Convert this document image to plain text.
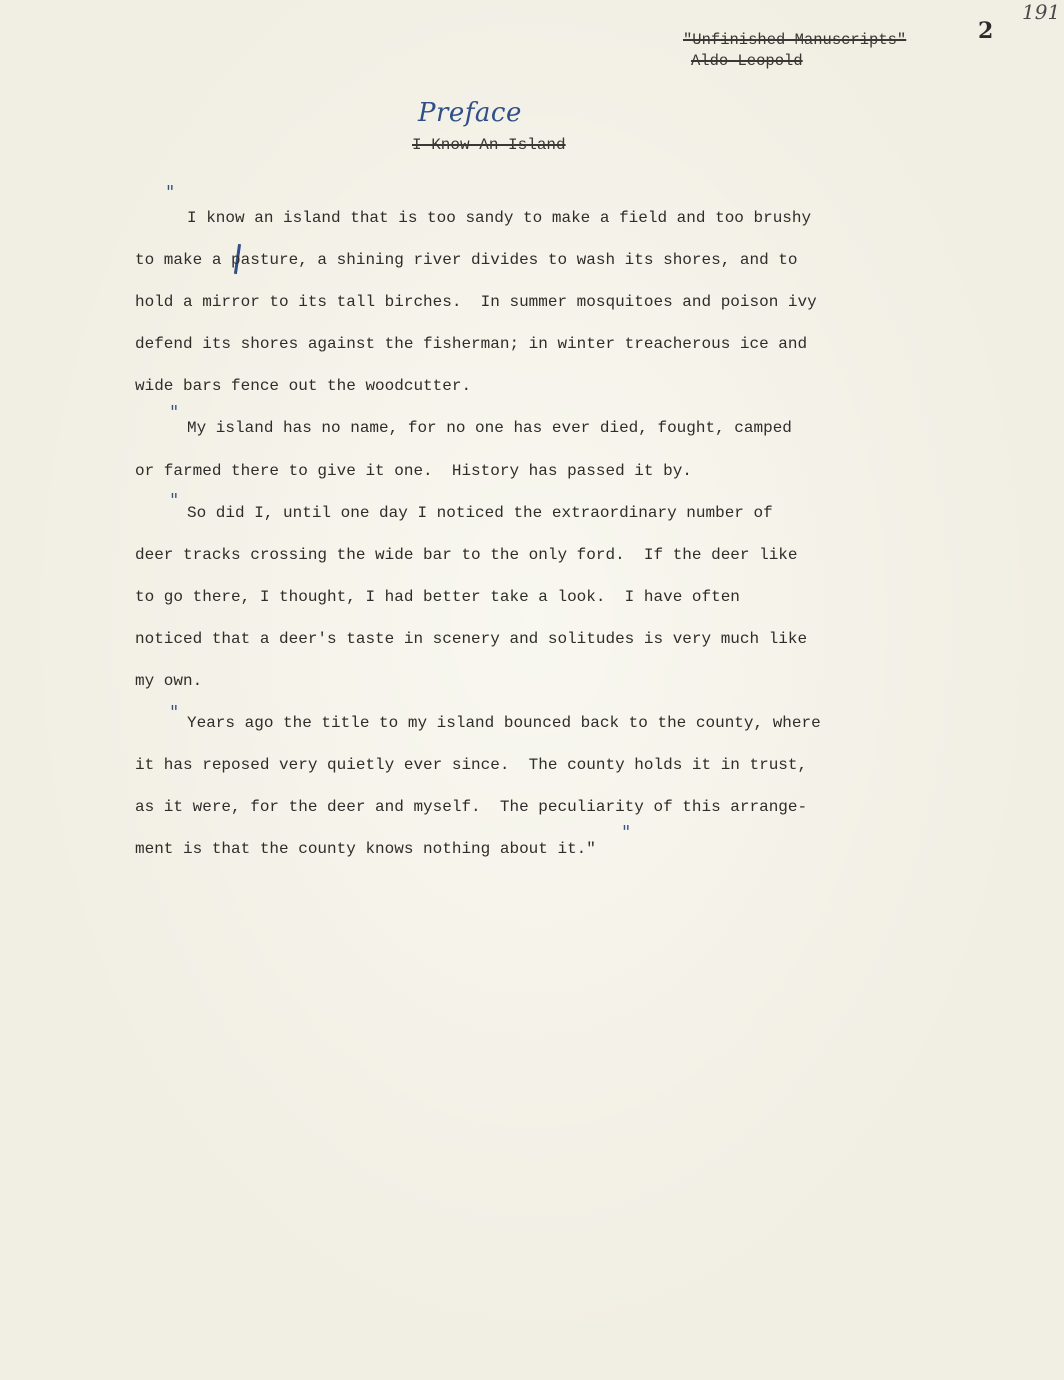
191
2
"Unfinished Manuscripts"
Aldo Leopold
Preface
I Know An Island
"
"
"
"
"
I know an island that is too sandy to make a field and too brushy
to make a pasture, a shining river divides to wash its shores, and to
hold a mirror to its tall birches.  In summer mosquitoes and poison ivy
defend its shores against the fisherman; in winter treacherous ice and
wide bars fence out the woodcutter.
My island has no name, for no one has ever died, fought, camped
or farmed there to give it one.  History has passed it by.
So did I, until one day I noticed the extraordinary number of
deer tracks crossing the wide bar to the only ford.  If the deer like
to go there, I thought, I had better take a look.  I have often
noticed that a deer's taste in scenery and solitudes is very much like
my own.
Years ago the title to my island bounced back to the county, where
it has reposed very quietly ever since.  The county holds it in trust,
as it were, for the deer and myself.  The peculiarity of this arrange-
ment is that the county knows nothing about it."
